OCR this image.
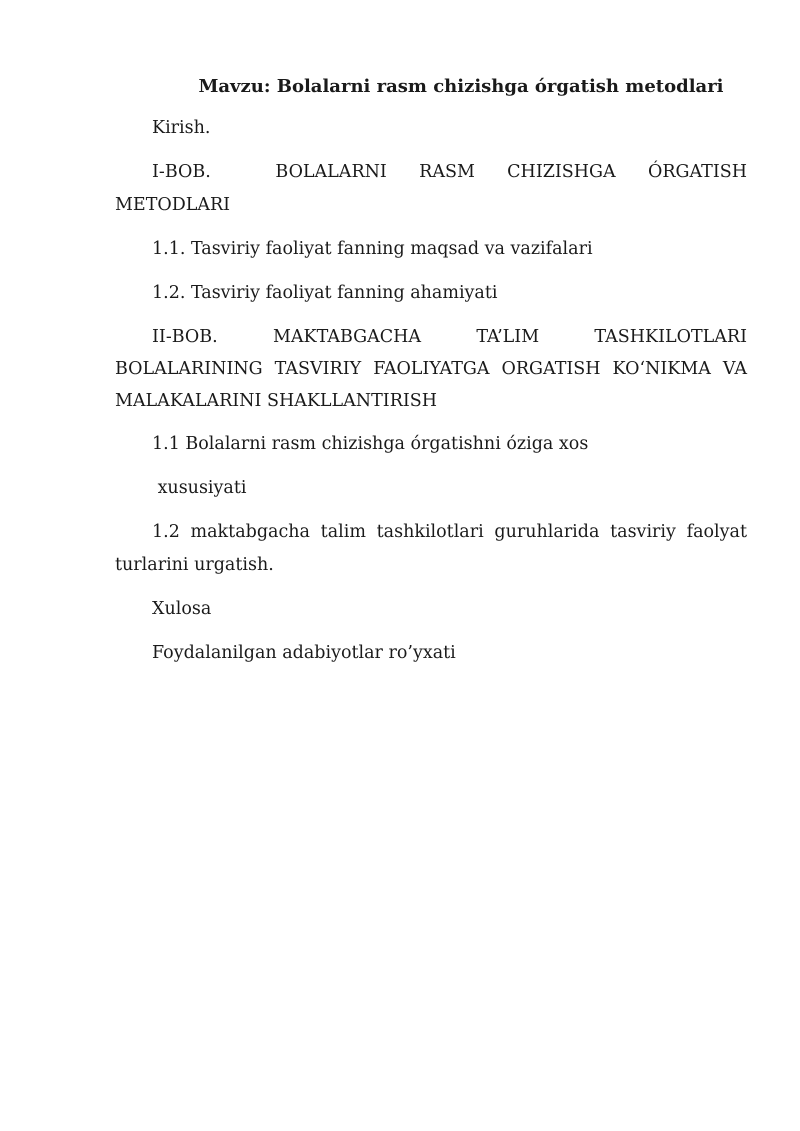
Mavzu: Bolalarni rasm chizishga órgatish metodlari

Kirish.

I-BOB.      BOLALARNI   RASM   CHIZISHGA   ÓRGATISH METODLARI

1.1. Tasviriy faoliyat fanning maqsad va vazifalari

1.2. Tasviriy faoliyat fanning ahamiyati

II-BOB.    MAKTABGACHA    TA’LIM    TASHKILOTLARI BOLALARINING TASVIRIY FAOLIYATGA ORGATISH KO‘NIKMA VA MALAKALARINI SHAKLLANTIRISH

1.1 Bolalarni rasm chizishga órgatishni óziga xos

xususiyati

1.2 maktabgacha talim tashkilotlari guruhlarida tasviriy faolyat turlarini urgatish.

Xulosa

Foydalanilgan adabiyotlar ro’yxati
